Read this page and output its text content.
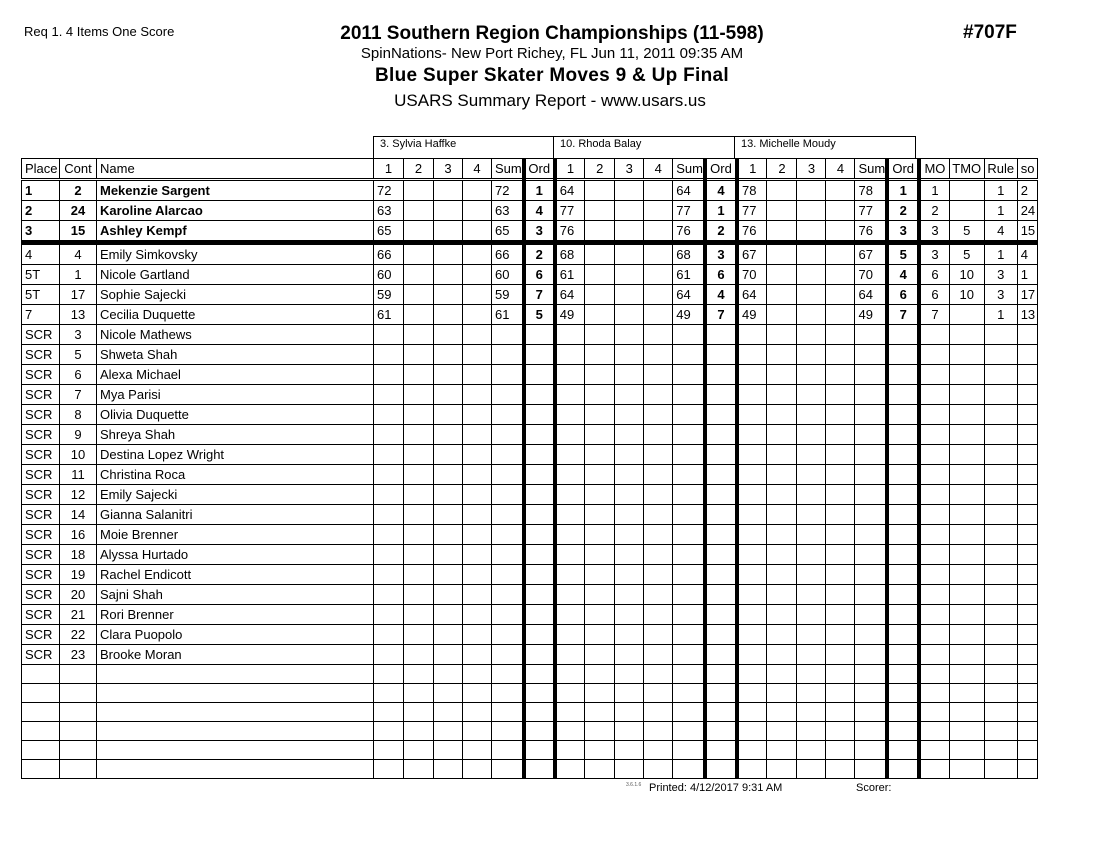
Req 1. 4 Items One Score	#707F
2011 Southern Region Championships (11-598)
SpinNations- New Port Richey, FL Jun 11, 2011 09:35 AM
Blue Super Skater Moves 9 & Up Final
USARS Summary Report - www.usars.us
3. Sylvia Haffke	10. Rhoda Balay	13. Michelle Moudy
Place	Cont	Name	1	2	3	4	Sum	Ord	1	2	3	4	Sum	Ord	1	2	3	4	Sum	Ord	MO	TMO	Rule	so
1	2	Mekenzie Sargent	72				72	1	64				64	4	78				78	1	1		1	2
2	24	Karoline Alarcao	63				63	4	77				77	1	77				77	2	2		1	24
3	15	Ashley Kempf	65				65	3	76				76	2	76				76	3	3	5	4	15
4	4	Emily Simkovsky	66				66	2	68				68	3	67				67	5	3	5	1	4
5T	1	Nicole Gartland	60				60	6	61				61	6	70				70	4	6	10	3	1
5T	17	Sophie Sajecki	59				59	7	64				64	4	64				64	6	6	10	3	17
7	13	Cecilia Duquette	61				61	5	49				49	7	49				49	7	7		1	13
SCR	3	Nicole Mathews																						
SCR	5	Shweta Shah																						
SCR	6	Alexa Michael																						
SCR	7	Mya Parisi																						
SCR	8	Olivia Duquette																						
SCR	9	Shreya Shah																						
SCR	10	Destina Lopez Wright																						
SCR	11	Christina Roca																						
SCR	12	Emily Sajecki																						
SCR	14	Gianna Salanitri																						
SCR	16	Moie Brenner																						
SCR	18	Alyssa Hurtado																						
SCR	19	Rachel Endicott																						
SCR	20	Sajni Shah																						
SCR	21	Rori Brenner																						
SCR	22	Clara Puopolo																						
SCR	23	Brooke Moran																						

3.6.1.6 Printed: 4/12/2017 9:31 AM	Scorer:
